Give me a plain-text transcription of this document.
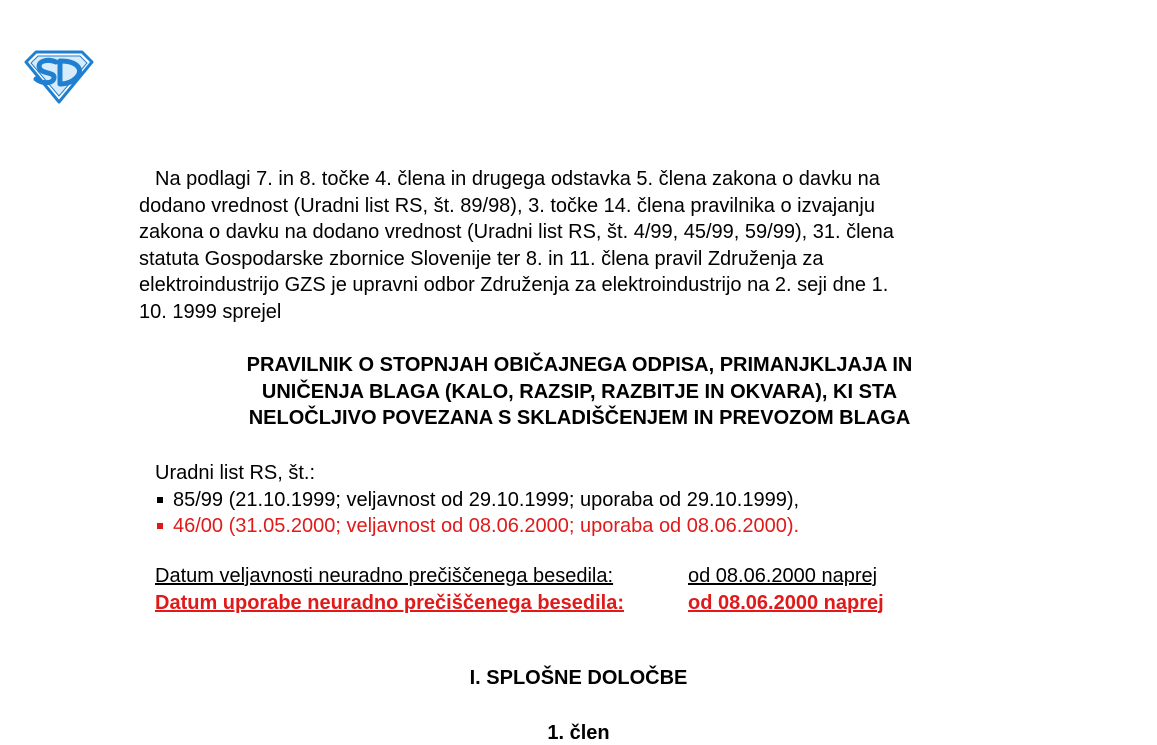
Na podlagi 7. in 8. točke 4. člena in drugega odstavka 5. člena zakona o davku na
dodano vrednost (Uradni list RS, št. 89/98), 3. točke 14. člena pravilnika o izvajanju
zakona o davku na dodano vrednost (Uradni list RS, št. 4/99, 45/99, 59/99), 31. člena
statuta Gospodarske zbornice Slovenije ter 8. in 11. člena pravil Združenja za
elektroindustrijo GZS je upravni odbor Združenja za elektroindustrijo na 2. seji dne 1.
10. 1999 sprejel

PRAVILNIK O STOPNJAH OBIČAJNEGA ODPISA, PRIMANJKLJAJA IN
UNIČENJA BLAGA (KALO, RAZSIP, RAZBITJE IN OKVARA), KI STA
NELOČLJIVO POVEZANA S SKLADIŠČENJEM IN PREVOZOM BLAGA

Uradni list RS, št.:
85/99 (21.10.1999; veljavnost od 29.10.1999; uporaba od 29.10.1999),
46/00 (31.05.2000; veljavnost od 08.06.2000; uporaba od 08.06.2000).
Datum veljavnosti neuradno prečiščenega besedila:	od 08.06.2000 naprej
Datum uporabe neuradno prečiščenega besedila:	od 08.06.2000 naprej
I. SPLOŠNE DOLOČBE
1. člen
